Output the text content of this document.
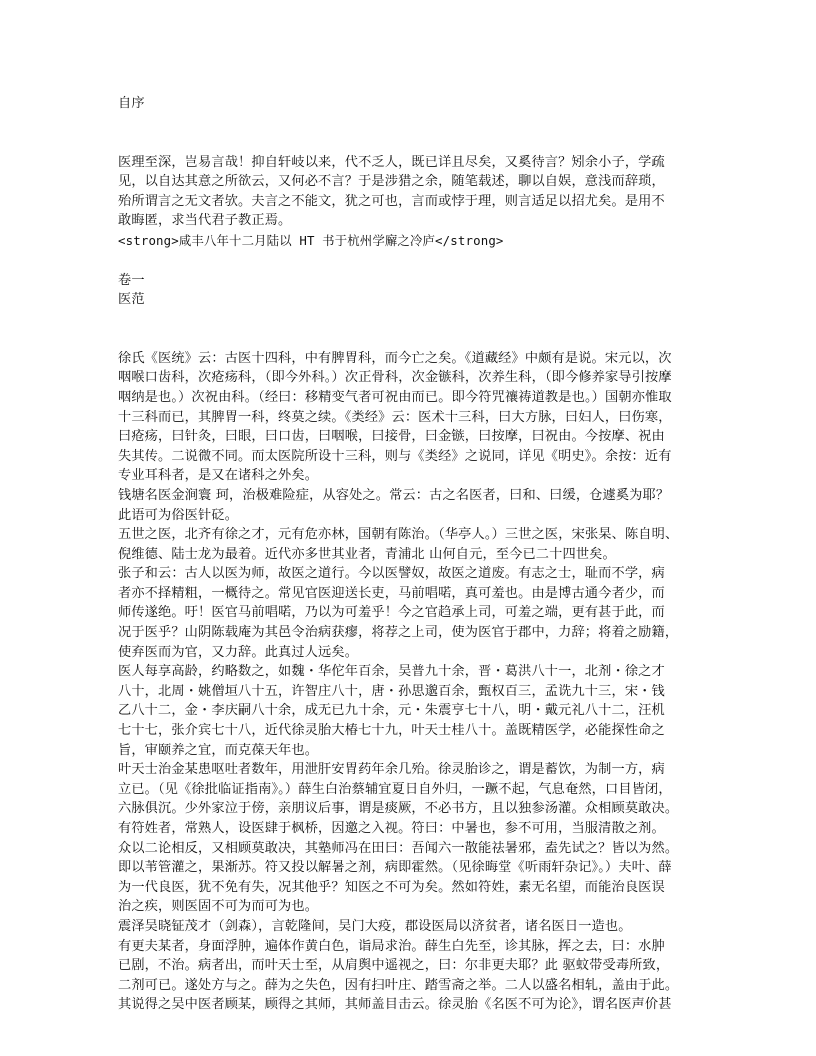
自序
医理至深，岂易言哉！抑自轩岐以来，代不乏人，既已详且尽矣，又奚待言？矧余小子，学疏
见，以自达其意之所欲云，又何必不言？于是涉猎之余，随笔载述，聊以自娱，意浅而辞琐，
殆所谓言之无文者欤。夫言之不能文，犹之可也，言而或悖于理，则言适足以招尤矣。是用不
敢晦匿，求当代君子教正焉。
<strong>咸丰八年十二月陆以 HT 书于杭州学廨之冷庐</strong>
卷一
医范
徐氏《医统》云：古医十四科，中有脾胃科，而今亡之矣。《道藏经》中颇有是说。宋元以，次
咽喉口齿科，次疮疡科，（即今外科。）次正骨科，次金镞科，次养生科，（即今修养家导引按摩
咽纳是也。）次祝由科。（经曰：移精变气者可祝由而已。即今符咒禳祷道教是也。）国朝亦惟取
十三科而已，其脾胃一科，终莫之续。《类经》云：医术十三科，曰大方脉，曰妇人，曰伤寒，
曰疮疡，曰针灸，曰眼，曰口齿，曰咽喉，曰接骨，曰金镞，曰按摩，曰祝由。今按摩、祝由
失其传。二说微不同。而太医院所设十三科，则与《类经》之说同，详见《明史》。余按：近有
专业耳科者，是又在诸科之外矣。
钱塘名医金涧寰 珂，治极难险症，从容处之。常云：古之名医者，曰和、曰缓，仓遽奚为耶？
此语可为俗医针砭。
五世之医，北齐有徐之才，元有危亦林，国朝有陈治。（华亭人。）三世之医，宋张杲、陈自明、
倪维德、陆士龙为最着。近代亦多世其业者，青浦北 山何自元，至今已二十四世矣。
张子和云：古人以医为师，故医之道行。今以医譬奴，故医之道废。有志之士，耻而不学，病
者亦不择精粗，一概待之。常见官医迎送长吏，马前唱喏，真可羞也。由是博古通今者少，而
师传遂绝。吁！医官马前唱喏，乃以为可羞乎！今之官趋承上司，可羞之端，更有甚于此，而
况于医乎？山阴陈载庵为其邑令治病获瘳，将荐之上司，使为医官于郡中，力辞；将着之励籍，
使弃医而为官，又力辞。此真过人远矣。
医人每享高龄，约略数之，如魏・华佗年百余，吴普九十余，晋・葛洪八十一，北剂・徐之才
八十，北周・姚僧垣八十五，许智庄八十，唐・孙思邈百余，甄权百三，孟诜九十三，宋・钱
乙八十二，金・李庆嗣八十余，成无已九十余，元・朱震亨七十八，明・戴元礼八十二，汪机
七十七，张介宾七十八，近代徐灵胎大椿七十九，叶天士桂八十。盖既精医学，必能探性命之
旨，审颐养之宜，而克葆天年也。
叶天士治金某患呕吐者数年，用泄肝安胃药年余几殆。徐灵胎诊之，谓是蓄饮，为制一方，病
立已。（见《徐批临证指南》。）薛生白治蔡辅宜夏日自外归，一蹶不起，气息奄然，口目皆闭，
六脉俱沉。少外家泣于傍，亲朋议后事，谓是痰厥，不必书方，且以独参汤灌。众相顾莫敢决。
有符姓者，常熟人，设医肆于枫桥，因邀之入视。符曰：中暑也，参不可用，当服清散之剂。
众以二论相反，又相顾莫敢决，其塾师冯在田曰：吾闻六一散能祛暑邪，盍先试之？皆以为然。
即以苇管灌之，果渐苏。符又投以解暑之剂，病即霍然。（见徐晦堂《听雨轩杂记》。）夫叶、薛
为一代良医，犹不免有失，况其他乎？知医之不可为矣。然如符姓，素无名望，而能治良医误
治之疾，则医固不可为而可为也。
震泽吴晓钲茂才（剑森），言乾隆间，吴门大疫，郡设医局以济贫者，诸名医日一造也。
有更夫某者，身面浮肿，遍体作黄白色，诣局求治。薛生白先至，诊其脉，挥之去，曰：水肿
已剧，不治。病者出，而叶天士至，从肩舆中遥视之，曰：尔非更夫耶？此 驱蚊带受毒所致，
二剂可已。遂处方与之。薛为之失色，因有扫叶庄、踏雪斋之举。二人以盛名相轧，盖由于此。
其说得之吴中医者顾某，顾得之其师，其师盖目击云。徐灵胎《名医不可为论》，谓名医声价甚
